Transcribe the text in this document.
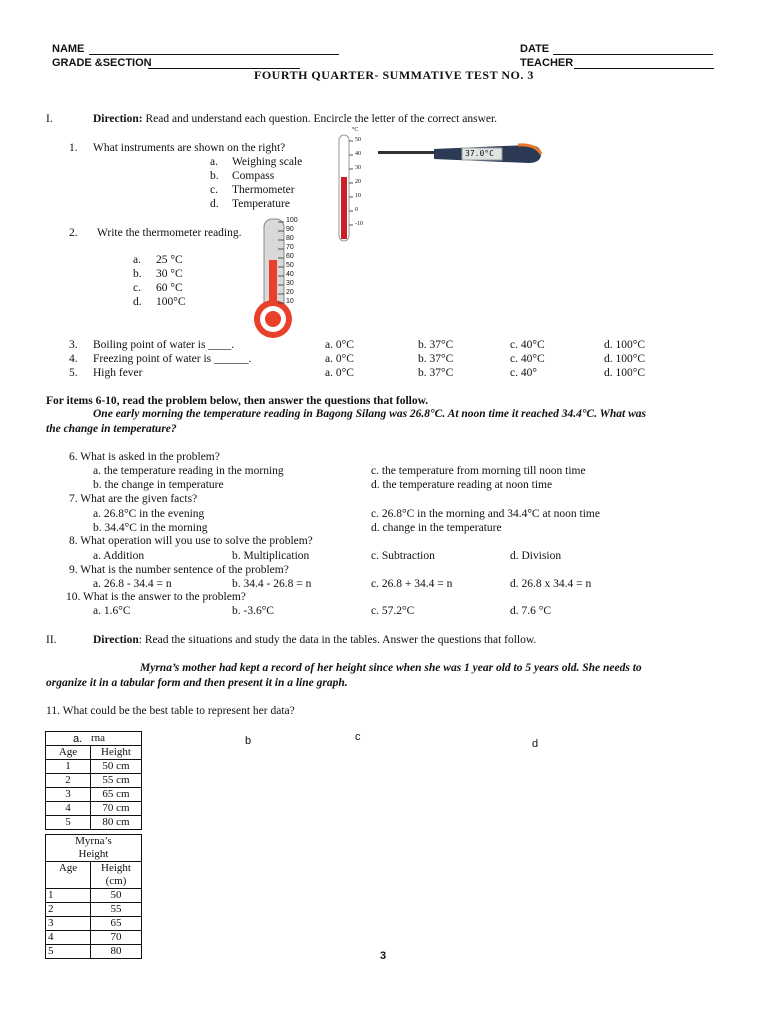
NAME
GRADE &SECTION
DATE
TEACHER
FOURTH QUARTER- SUMMATIVE TEST NO. 3
I.	Direction: Read and understand each question. Encircle the letter of the correct answer.
1. What instruments are shown on the right?
a. Weighing scale
b. Compass
c. Thermometer
d. Temperature
°C
50
40
30
20
10
0
-10
37.0°C
2. Write the thermometer reading.
a. 25 °C
b. 30 °C
c. 60 °C
d. 100°C
100
90
80
70
60
50
40
30
20
10
3. Boiling point of water is ____.	a. 0°C	b. 37°C	c. 40°C	d. 100°C
4. Freezing point of water is ______.	a. 0°C	b. 37°C	c. 40°C	d. 100°C
5. High fever	a. 0°C	b. 37°C	c. 40°	d. 100°C
For items 6-10, read the problem below, then answer the questions that follow.
One early morning the temperature reading in Bagong Silang was 26.8°C. At noon time it reached 34.4°C. What was
the change in temperature?
6. What is asked in the problem?
a. the temperature reading in the morning	c. the temperature from morning till noon time
b. the change in temperature	d. the temperature reading at noon time
7. What are the given facts?
a. 26.8°C in the evening	c. 26.8°C in the morning and 34.4°C at noon time
b. 34.4°C in the morning	d. change in the temperature
8. What operation will you use to solve the problem?
a. Addition	b. Multiplication	c. Subtraction	d. Division
9. What is the number sentence of the problem?
a. 26.8 - 34.4 = n	b. 34.4 - 26.8 = n	c. 26.8 + 34.4 = n	d. 26.8 x 34.4 = n
10. What is the answer to the problem?
a. 1.6°C	b. -3.6°C	c. 57.2°C	d. 7.6 °C
II.	Direction: Read the situations and study the data in the tables. Answer the questions that follow.
Myrna’s mother had kept a record of her height since when she was 1 year old to 5 years old. She needs to
organize it in a tabular form and then present it in a line graph.
11. What could be the best table to represent her data?
a.	b	c
d
rna	
Age	Height
1	50 cm
2	55 cm
3	65 cm
4	70 cm
5	80 cm
Myrna’s
Height	

Age	Height
(cm)

1	50
2	55
3	65
4	70
5	80	3
